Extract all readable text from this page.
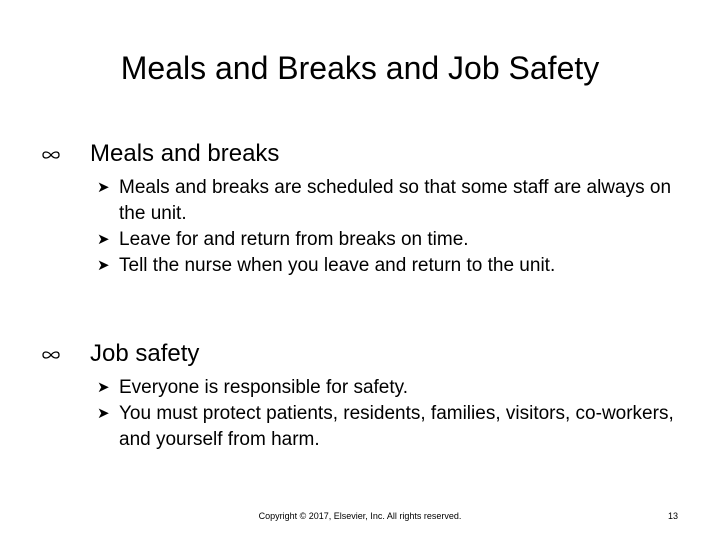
Meals and Breaks and Job Safety
Meals and breaks
➤ Meals and breaks are scheduled so that some staff are always on the unit.
➤ Leave for and return from breaks on time.
➤ Tell the nurse when you leave and return to the unit.
Job safety
➤ Everyone is responsible for safety.
➤ You must protect patients, residents, families, visitors, co-workers, and yourself from harm.
Copyright © 2017, Elsevier, Inc. All rights reserved.	13
